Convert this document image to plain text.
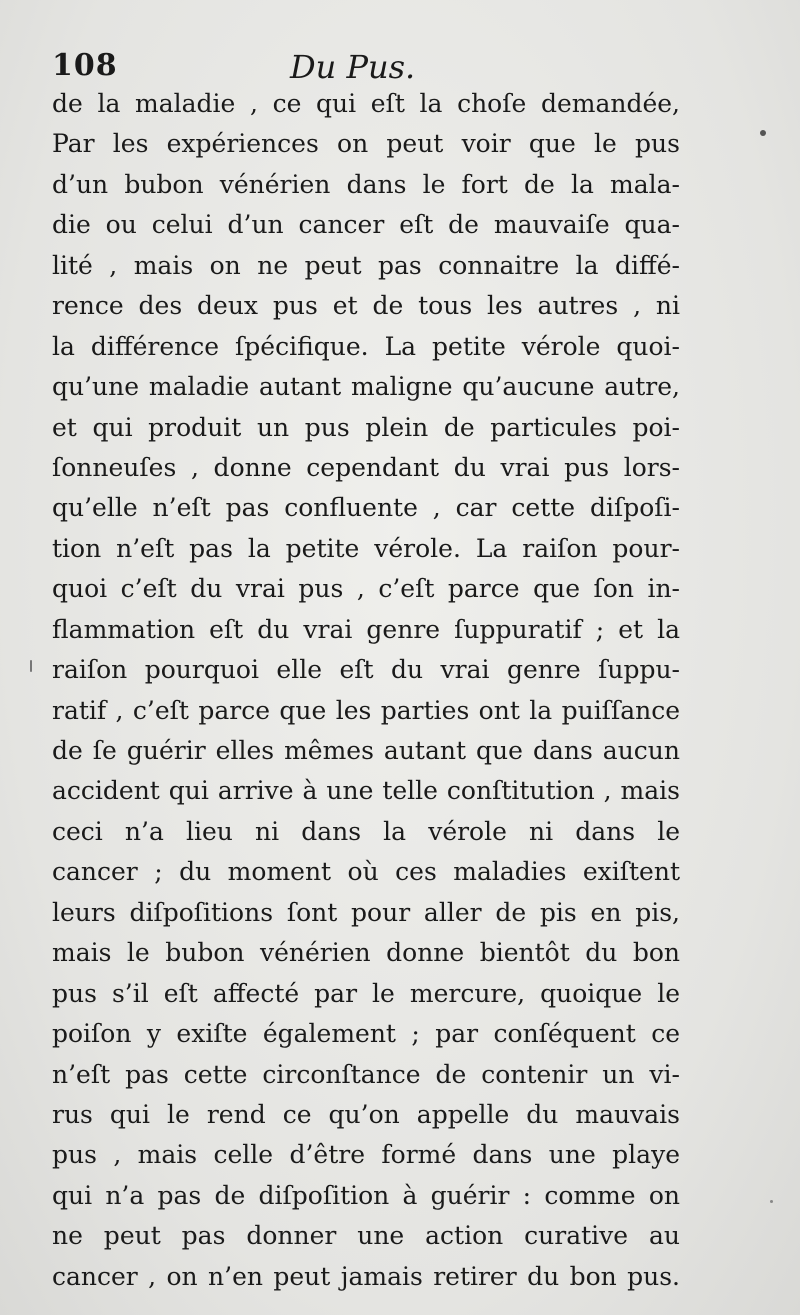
108	Du Pus.
de la maladie , ce qui eſt la choſe demandée,
Par les expériences on peut voir que le pus
d’un bubon vénérien dans le fort de la mala-
die ou celui d’un cancer eſt de mauvaiſe qua-
lité , mais on ne peut pas connaitre la diffé-
rence des deux pus et de tous les autres , ni
la différence ſpécifique. La petite vérole quoi-
qu’une maladie autant maligne qu’aucune autre,
et qui produit un pus plein de particules poi-
ſonneuſes , donne cependant du vrai pus lors-
qu’elle n’eſt pas confluente , car cette diſpoſi-
tion n’eſt pas la petite vérole. La raiſon pour-
quoi c’eſt du vrai pus , c’eſt parce que ſon in-
flammation eſt du vrai genre ſuppuratif ; et la
raiſon pourquoi elle eſt du vrai genre ſuppu-
ratif , c’eſt parce que les parties ont la puiſſance
de ſe guérir elles mêmes autant que dans aucun
accident qui arrive à une telle conſtitution , mais
ceci n’a lieu ni dans la vérole ni dans le
cancer ; du moment où ces maladies exiſtent
leurs diſpoſitions ſont pour aller de pis en pis,
mais le bubon vénérien donne bientôt du bon
pus s’il eſt affecté par le mercure, quoique le
poiſon y exiſte également ; par conſéquent ce
n’eſt pas cette circonſtance de contenir un vi-
rus qui le rend ce qu’on appelle du mauvais
pus , mais celle d’être formé dans une playe
qui n’a pas de diſpoſition à guérir : comme on
ne peut pas donner une action curative au
cancer , on n’en peut jamais retirer du bon pus.
